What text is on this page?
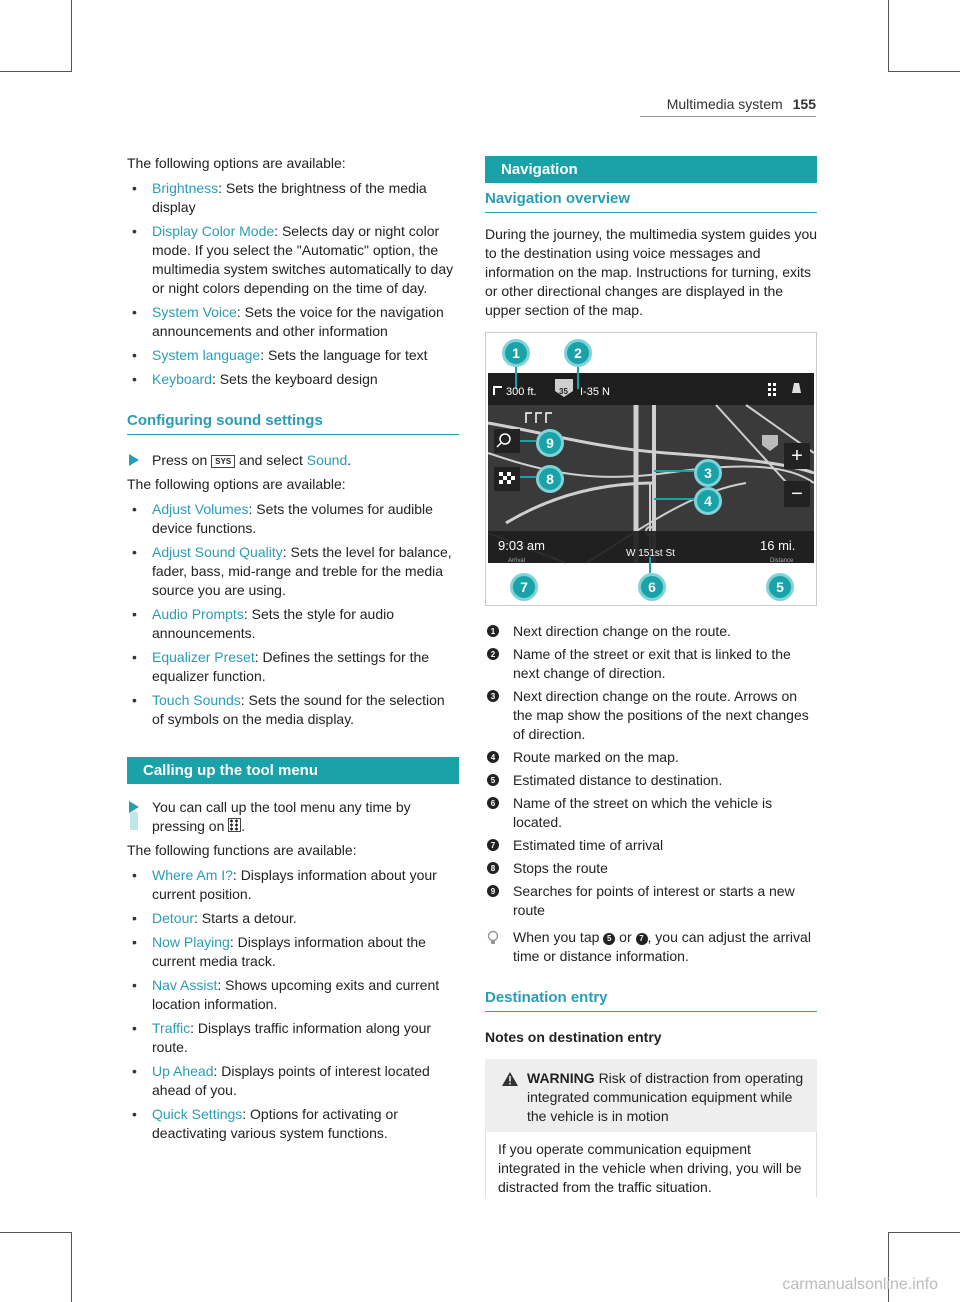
Multimedia system 155

The following options are available:

• Brightness: Sets the brightness of the media display
• Display Color Mode: Selects day or night color mode. If you select the "Automatic" option, the multimedia system switches automatically to day or night colors depending on the time of day.
• System Voice: Sets the voice for the navigation announcements and other information
• System language: Sets the language for text
• Keyboard: Sets the keyboard design
Configuring sound settings
Press on SYS and select Sound.

The following options are available:

• Adjust Volumes: Sets the volumes for audible device functions.
• Adjust Sound Quality: Sets the level for balance, fader, bass, mid-range and treble for the media source you are using.
• Audio Prompts: Sets the style for audio announcements.
• Equalizer Preset: Defines the settings for the equalizer function.
• Touch Sounds: Sets the sound for the selection of symbols on the media display.
Calling up the tool menu
You can call up the tool menu any time by pressing on .

The following functions are available:

• Where Am I?: Displays information about your current position.
• Detour: Starts a detour.
• Now Playing: Displays information about the current media track.
• Nav Assist: Shows upcoming exits and current location information.
• Traffic: Displays traffic information along your route.
• Up Ahead: Displays points of interest located ahead of you.
• Quick Settings: Options for activating or deactivating various system functions.
Navigation
Navigation overview

During the journey, the multimedia system guides you to the destination using voice messages and information on the map. Instructions for turning, exits or other directional changes are displayed in the upper section of the map.

+
−
300 ft.	35 I-35 N
9:03 am
Arrival
W 151st St
16 mi.
Distance
1	2
3
4
5
6
7
8
9
1 Next direction change on the route.
2 Name of the street or exit that is linked to the next change of direction.
3 Next direction change on the route. Arrows on the map show the positions of the next changes of direction.
4 Route marked on the map.
5 Estimated distance to destination.
6 Name of the street on which the vehicle is located.
7 Estimated time of arrival
8 Stops the route
9 Searches for points of interest or starts a new route
When you tap 5 or 7 , you can adjust the arrival time or distance information.
Destination entry
Notes on destination entry
WARNING Risk of distraction from operating integrated communication equipment while the vehicle is in motion
If you operate communication equipment integrated in the vehicle when driving, you will be distracted from the traffic situation.
carmanualsonline.info
